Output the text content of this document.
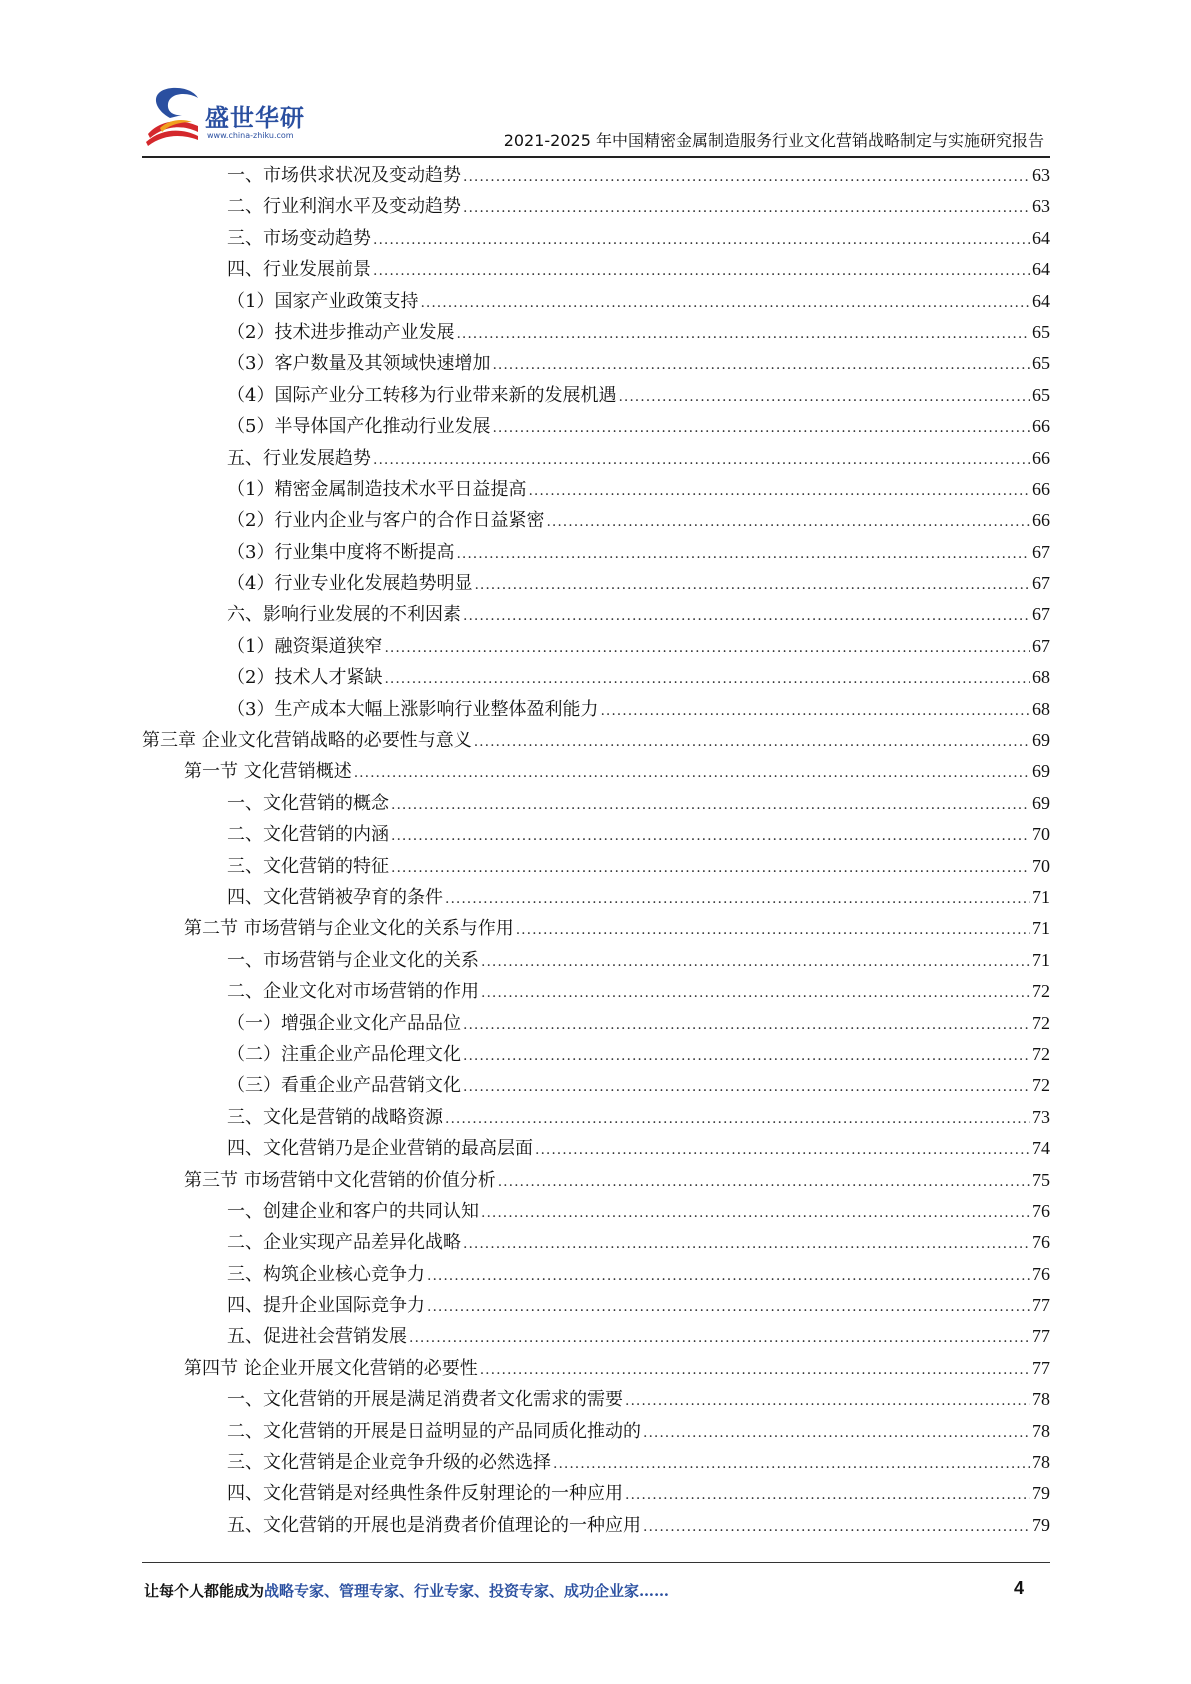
盛世华研
www.china-zhiku.com	2021-2025 年中国精密金属制造服务行业文化营销战略制定与实施研究报告
一、市场供求状况及变动趋势 .....	63
二、行业利润水平及变动趋势 .....	63
三、市场变动趋势 .....	64
四、行业发展前景 .....	64
（1）国家产业政策支持 .....	64
（2）技术进步推动产业发展 .....	65
（3）客户数量及其领域快速增加 .....	65
（4）国际产业分工转移为行业带来新的发展机遇 .....	65
（5）半导体国产化推动行业发展 .....	66
五、行业发展趋势 .....	66
（1）精密金属制造技术水平日益提高 .....	66
（2）行业内企业与客户的合作日益紧密 .....	66
（3）行业集中度将不断提高 .....	67
（4）行业专业化发展趋势明显 .....	67
六、影响行业发展的不利因素 .....	67
（1）融资渠道狭窄 .....	67
（2）技术人才紧缺 .....	68
（3）生产成本大幅上涨影响行业整体盈利能力 .....	68
第三章 企业文化营销战略的必要性与意义 .....	69
第一节 文化营销概述 .....	69
一、文化营销的概念 .....	69
二、文化营销的内涵 .....	70
三、文化营销的特征 .....	70
四、文化营销被孕育的条件 .....	71
第二节 市场营销与企业文化的关系与作用 .....	71
一、市场营销与企业文化的关系 .....	71
二、企业文化对市场营销的作用 .....	72
（一）增强企业文化产品品位 .....	72
（二）注重企业产品伦理文化 .....	72
（三）看重企业产品营销文化 .....	72
三、文化是营销的战略资源 .....	73
四、文化营销乃是企业营销的最高层面 .....	74
第三节 市场营销中文化营销的价值分析 .....	75
一、创建企业和客户的共同认知 .....	76
二、企业实现产品差异化战略 .....	76
三、构筑企业核心竞争力 .....	76
四、提升企业国际竞争力 .....	77
五、促进社会营销发展 .....	77
第四节 论企业开展文化营销的必要性 .....	77
一、文化营销的开展是满足消费者文化需求的需要 .....	78
二、文化营销的开展是日益明显的产品同质化推动的 .....	78
三、文化营销是企业竞争升级的必然选择 .....	78
四、文化营销是对经典性条件反射理论的一种应用 .....	79
五、文化营销的开展也是消费者价值理论的一种应用 .....	79
让每个人都能成为战略专家、管理专家、行业专家、投资专家、成功企业家……	4
